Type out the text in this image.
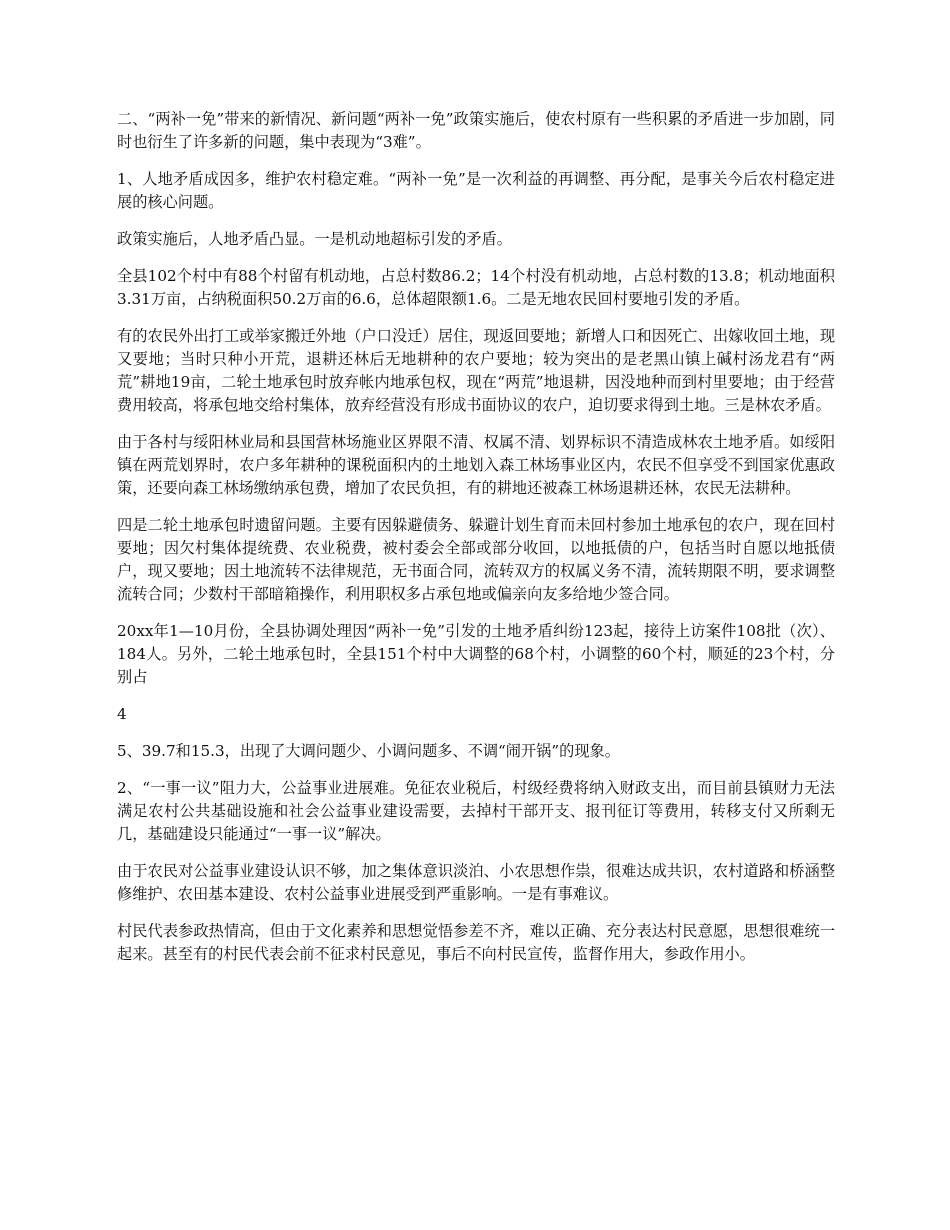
二、“两补一免”带来的新情况、新问题“两补一免”政策实施后，使农村原有一些积累的矛盾进一步加剧，同时也衍生了许多新的问题，集中表现为“3难”。

1、人地矛盾成因多，维护农村稳定难。“两补一免”是一次利益的再调整、再分配，是事关今后农村稳定进展的核心问题。

政策实施后，人地矛盾凸显。一是机动地超标引发的矛盾。

全县102个村中有88个村留有机动地，占总村数86.2；14个村没有机动地，占总村数的13.8；机动地面积3.31万亩，占纳税面积50.2万亩的6.6，总体超限额1.6。二是无地农民回村要地引发的矛盾。

有的农民外出打工或举家搬迁外地（户口没迁）居住，现返回要地；新增人口和因死亡、出嫁收回土地，现又要地；当时只种小开荒，退耕还林后无地耕种的农户要地；较为突出的是老黑山镇上碱村汤龙君有“两荒”耕地19亩，二轮土地承包时放弃帐内地承包权，现在“两荒”地退耕，因没地种而到村里要地；由于经营费用较高，将承包地交给村集体，放弃经营没有形成书面协议的农户，迫切要求得到土地。三是林农矛盾。

由于各村与绥阳林业局和县国营林场施业区界限不清、权属不清、划界标识不清造成林农土地矛盾。如绥阳镇在两荒划界时，农户多年耕种的课税面积内的土地划入森工林场事业区内，农民不但享受不到国家优惠政策，还要向森工林场缴纳承包费，增加了农民负担，有的耕地还被森工林场退耕还林，农民无法耕种。

四是二轮土地承包时遗留问题。主要有因躲避债务、躲避计划生育而未回村参加土地承包的农户，现在回村要地；因欠村集体提统费、农业税费，被村委会全部或部分收回，以地抵债的户，包括当时自愿以地抵债户，现又要地；因土地流转不法律规范，无书面合同，流转双方的权属义务不清，流转期限不明，要求调整流转合同；少数村干部暗箱操作，利用职权多占承包地或偏亲向友多给地少签合同。

20xx年1—10月份，全县协调处理因“两补一免”引发的土地矛盾纠纷123起，接待上访案件108批（次）、184人。另外，二轮土地承包时，全县151个村中大调整的68个村，小调整的60个村，顺延的23个村，分别占

4

5、39.7和15.3，出现了大调问题少、小调问题多、不调“闹开锅”的现象。

2、“一事一议”阻力大，公益事业进展难。免征农业税后，村级经费将纳入财政支出，而目前县镇财力无法满足农村公共基础设施和社会公益事业建设需要，去掉村干部开支、报刊征订等费用，转移支付又所剩无几，基础建设只能通过“一事一议”解决。

由于农民对公益事业建设认识不够，加之集体意识淡泊、小农思想作祟，很难达成共识，农村道路和桥涵整修维护、农田基本建设、农村公益事业进展受到严重影响。一是有事难议。

村民代表参政热情高，但由于文化素养和思想觉悟参差不齐，难以正确、充分表达村民意愿，思想很难统一起来。甚至有的村民代表会前不征求村民意见，事后不向村民宣传，监督作用大，参政作用小。
